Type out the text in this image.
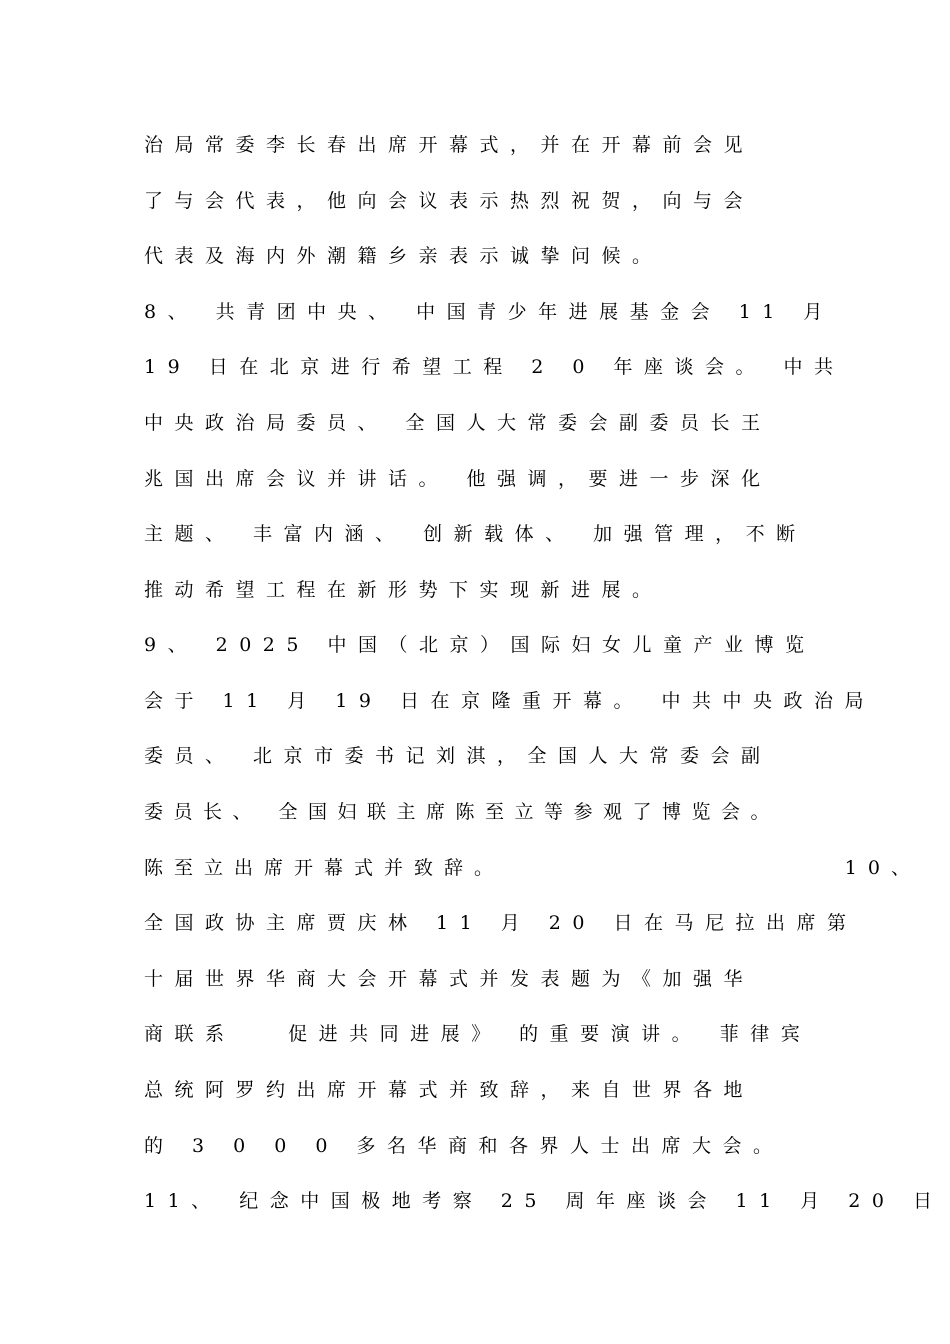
治局常委李长春出席开幕式，并在开幕前会见
了与会代表，他向会议表示热烈祝贺，向与会
代表及海内外潮籍乡亲表示诚挚问候。
8、 共青团中央、 中国青少年进展基金会 11 月
19 日在北京进行希望工程 2 0 年座谈会。 中共
中央政治局委员、 全国人大常委会副委员长王
兆国出席会议并讲话。 他强调，要进一步深化
主题、 丰富内涵、 创新载体、 加强管理，不断
推动希望工程在新形势下实现新进展。
9、 2025 中国（北京）国际妇女儿童产业博览
会于 11 月 19 日在京隆重开幕。 中共中央政治局
委员、 北京市委书记刘淇，全国人大常委会副
委员长、 全国妇联主席陈至立等参观了博览会。
陈至立出席开幕式并致辞。                    10、
全国政协主席贾庆林 11 月 20 日在马尼拉出席第
十届世界华商大会开幕式并发表题为《加强华
商联系   促进共同进展》 的重要演讲。 菲律宾
总统阿罗约出席开幕式并致辞，来自世界各地
的 3 0 0 0 多名华商和各界人士出席大会。
11、 纪念中国极地考察 25 周年座谈会 11 月 20 日
